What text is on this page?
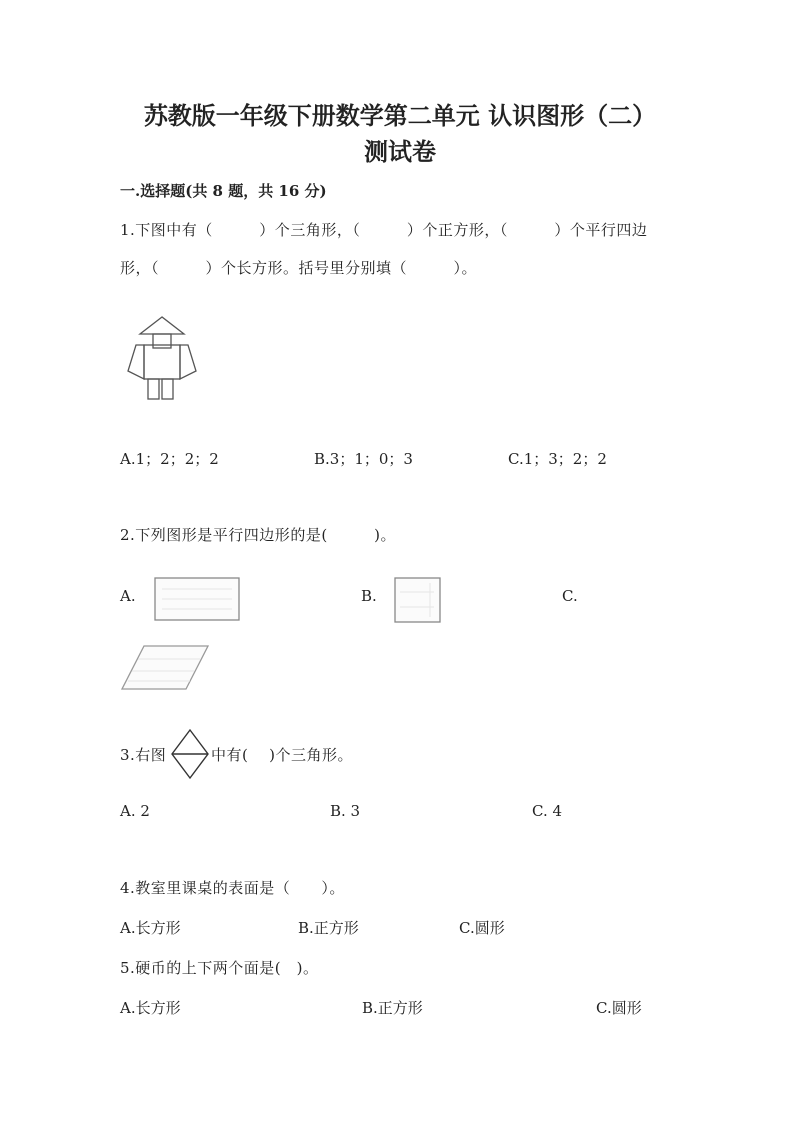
苏教版一年级下册数学第二单元 认识图形（二）
测试卷
一.选择题(共 8 题，共 16 分)
1.下图中有（　　　）个三角形，（　　　）个正方形，（　　　）个平行四边
形，（　　　）个长方形。括号里分别填（　　　）。
A.1；2；2；2	B.3；1；0；3	C.1；3；2；2
2.下列图形是平行四边形的是(　　　)。
A.	B.	C.
3.右图	中有(　 )个三角形。
A. 2	B. 3	C. 4
4.教室里课桌的表面是（　　）。
A.长方形	B.正方形	C.圆形
5.硬币的上下两个面是(　)。
A.长方形	B.正方形	C.圆形
